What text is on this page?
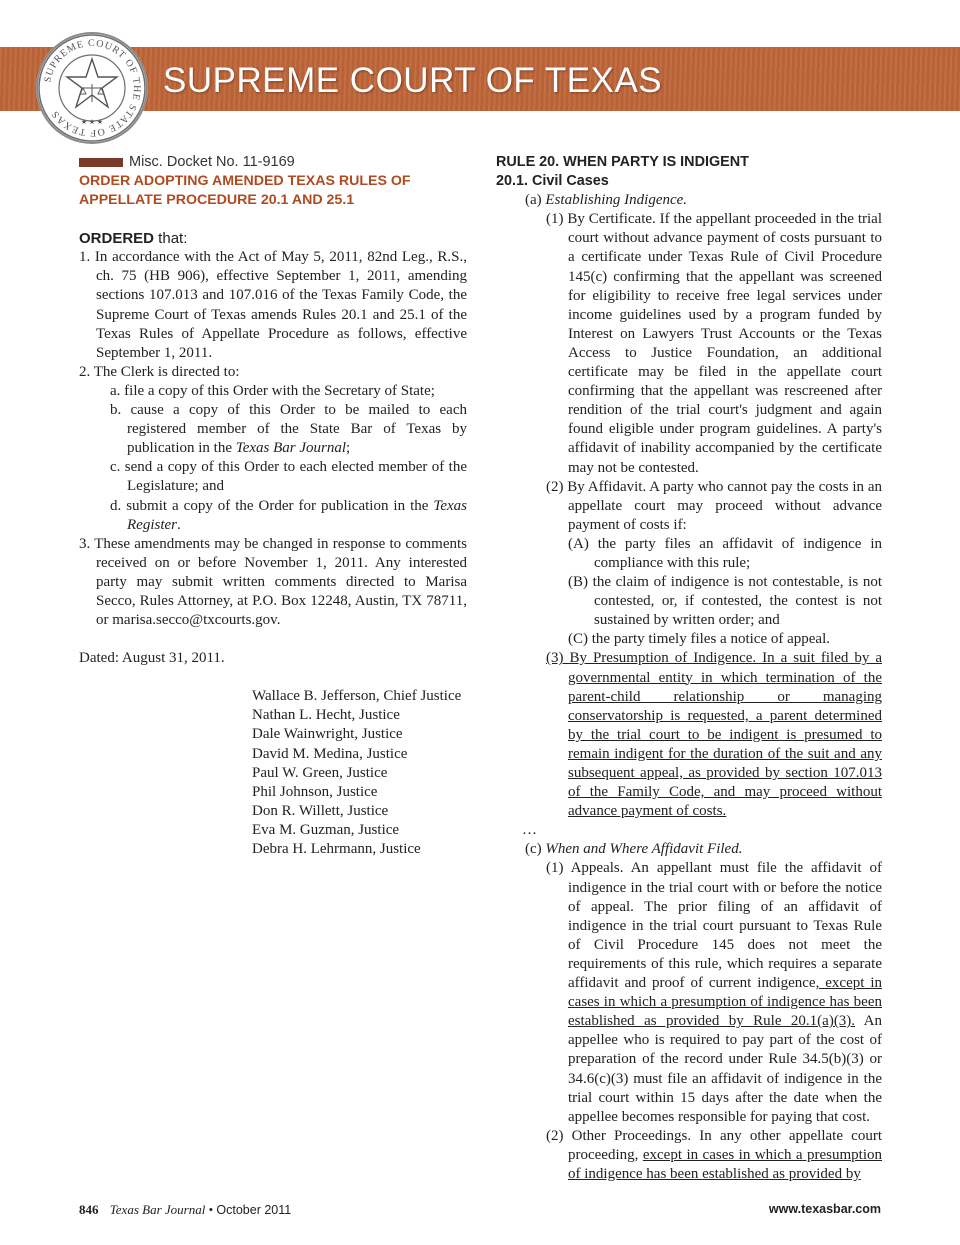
SUPREME COURT OF TEXAS
SUPREME COURT OF THE STATE OF TEXAS
★ ★ ★
Misc. Docket No. 11-9169
ORDER ADOPTING AMENDED TEXAS RULES OF
APPELLATE PROCEDURE 20.1 AND 25.1
ORDERED that:

1. In accordance with the Act of May 5, 2011, 82nd Leg., R.S., ch. 75 (HB 906), effective September 1, 2011, amending sections 107.013 and 107.016 of the Texas Family Code, the Supreme Court of Texas amends Rules 20.1 and 25.1 of the Texas Rules of Appellate Procedure as follows, effective September 1, 2011.

2. The Clerk is directed to:

a. file a copy of this Order with the Secretary of State;

b. cause a copy of this Order to be mailed to each registered member of the State Bar of Texas by publication in the Texas Bar Journal;

c. send a copy of this Order to each elected member of the Legislature; and

d. submit a copy of the Order for publication in the Texas Register.

3. These amendments may be changed in response to comments received on or before November 1, 2011. Any interested party may submit written comments directed to Marisa Secco, Rules Attorney, at P.O. Box 12248, Austin, TX 78711, or marisa.secco@txcourts.gov.

Dated: August 31, 2011.

Wallace B. Jefferson, Chief Justice
Nathan L. Hecht, Justice
Dale Wainwright, Justice
David M. Medina, Justice
Paul W. Green, Justice
Phil Johnson, Justice
Don R. Willett, Justice
Eva M. Guzman, Justice
Debra H. Lehrmann, Justice
RULE 20. WHEN PARTY IS INDIGENT
20.1. Civil Cases
(a) Establishing Indigence.

(1) By Certificate. If the appellant proceeded in the trial court without advance payment of costs pursuant to a certificate under Texas Rule of Civil Procedure 145(c) confirming that the appellant was screened for eligibility to receive free legal services under income guidelines used by a program funded by Interest on Lawyers Trust Accounts or the Texas Access to Justice Foundation, an additional certificate may be filed in the appellate court confirming that the appellant was rescreened after rendition of the trial court's judgment and again found eligible under program guidelines. A party's affidavit of inability accompanied by the certificate may not be contested.

(2) By Affidavit. A party who cannot pay the costs in an appellate court may proceed without advance payment of costs if:

(A) the party files an affidavit of indigence in compliance with this rule;

(B) the claim of indigence is not contestable, is not contested, or, if contested, the contest is not sustained by written order; and

(C) the party timely files a notice of appeal.

(3) By Presumption of Indigence. In a suit filed by a governmental entity in which termination of the parent-child relationship or managing conservatorship is requested, a parent determined by the trial court to be indigent is presumed to remain indigent for the duration of the suit and any subsequent appeal, as provided by section 107.013 of the Family Code, and may proceed without advance payment of costs.

…
(c) When and Where Affidavit Filed.

(1) Appeals. An appellant must file the affidavit of indigence in the trial court with or before the notice of appeal. The prior filing of an affidavit of indigence in the trial court pursuant to Texas Rule of Civil Procedure 145 does not meet the requirements of this rule, which requires a separate affidavit and proof of current indigence, except in cases in which a presumption of indigence has been established as provided by Rule 20.1(a)(3). An appellee who is required to pay part of the cost of preparation of the record under Rule 34.5(b)(3) or 34.6(c)(3) must file an affidavit of indigence in the trial court within 15 days after the date when the appellee becomes responsible for paying that cost.

(2) Other Proceedings. In any other appellate court proceeding, except in cases in which a presumption of indigence has been established as provided by

846 Texas Bar Journal • October 2011	www.texasbar.com
